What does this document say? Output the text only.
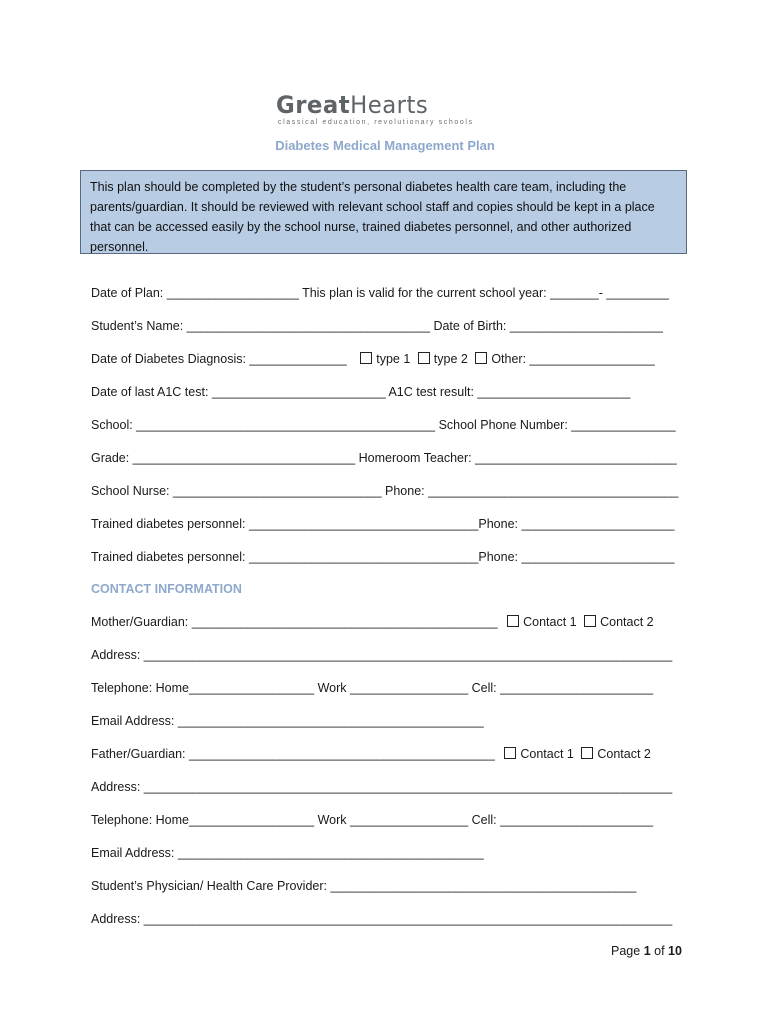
GreatHearts
classical education, revolutionary schools
Diabetes Medical Management Plan

This plan should be completed by the student’s personal diabetes health care team, including the parents/guardian. It should be reviewed with relevant school staff and copies should be kept in a place that can be accessed easily by the school nurse, trained diabetes personnel, and other authorized personnel.

Date of Plan: ___________________ This plan is valid for the current school year: _______- _________
Student’s Name: ___________________________________ Date of Birth: ______________________
Date of Diabetes Diagnosis: ______________ type 1 type 2 Other: __________________
Date of last A1C test: _________________________ A1C test result: ______________________
School: ___________________________________________ School Phone Number: _______________
Grade: ________________________________ Homeroom Teacher: _____________________________
School Nurse: ______________________________ Phone: ____________________________________
Trained diabetes personnel: _________________________________Phone: ______________________
Trained diabetes personnel: _________________________________Phone: ______________________
CONTACT INFORMATION
Mother/Guardian: ____________________________________________ Contact 1 Contact 2
Address: ____________________________________________________________________________
Telephone: Home__________________ Work _________________ Cell: ______________________
Email Address: ____________________________________________
Father/Guardian: ____________________________________________ Contact 1 Contact 2
Address: ____________________________________________________________________________
Telephone: Home__________________ Work _________________ Cell: ______________________
Email Address: ____________________________________________
Student’s Physician/ Health Care Provider: ____________________________________________
Address: ____________________________________________________________________________
Page 1 of 10
